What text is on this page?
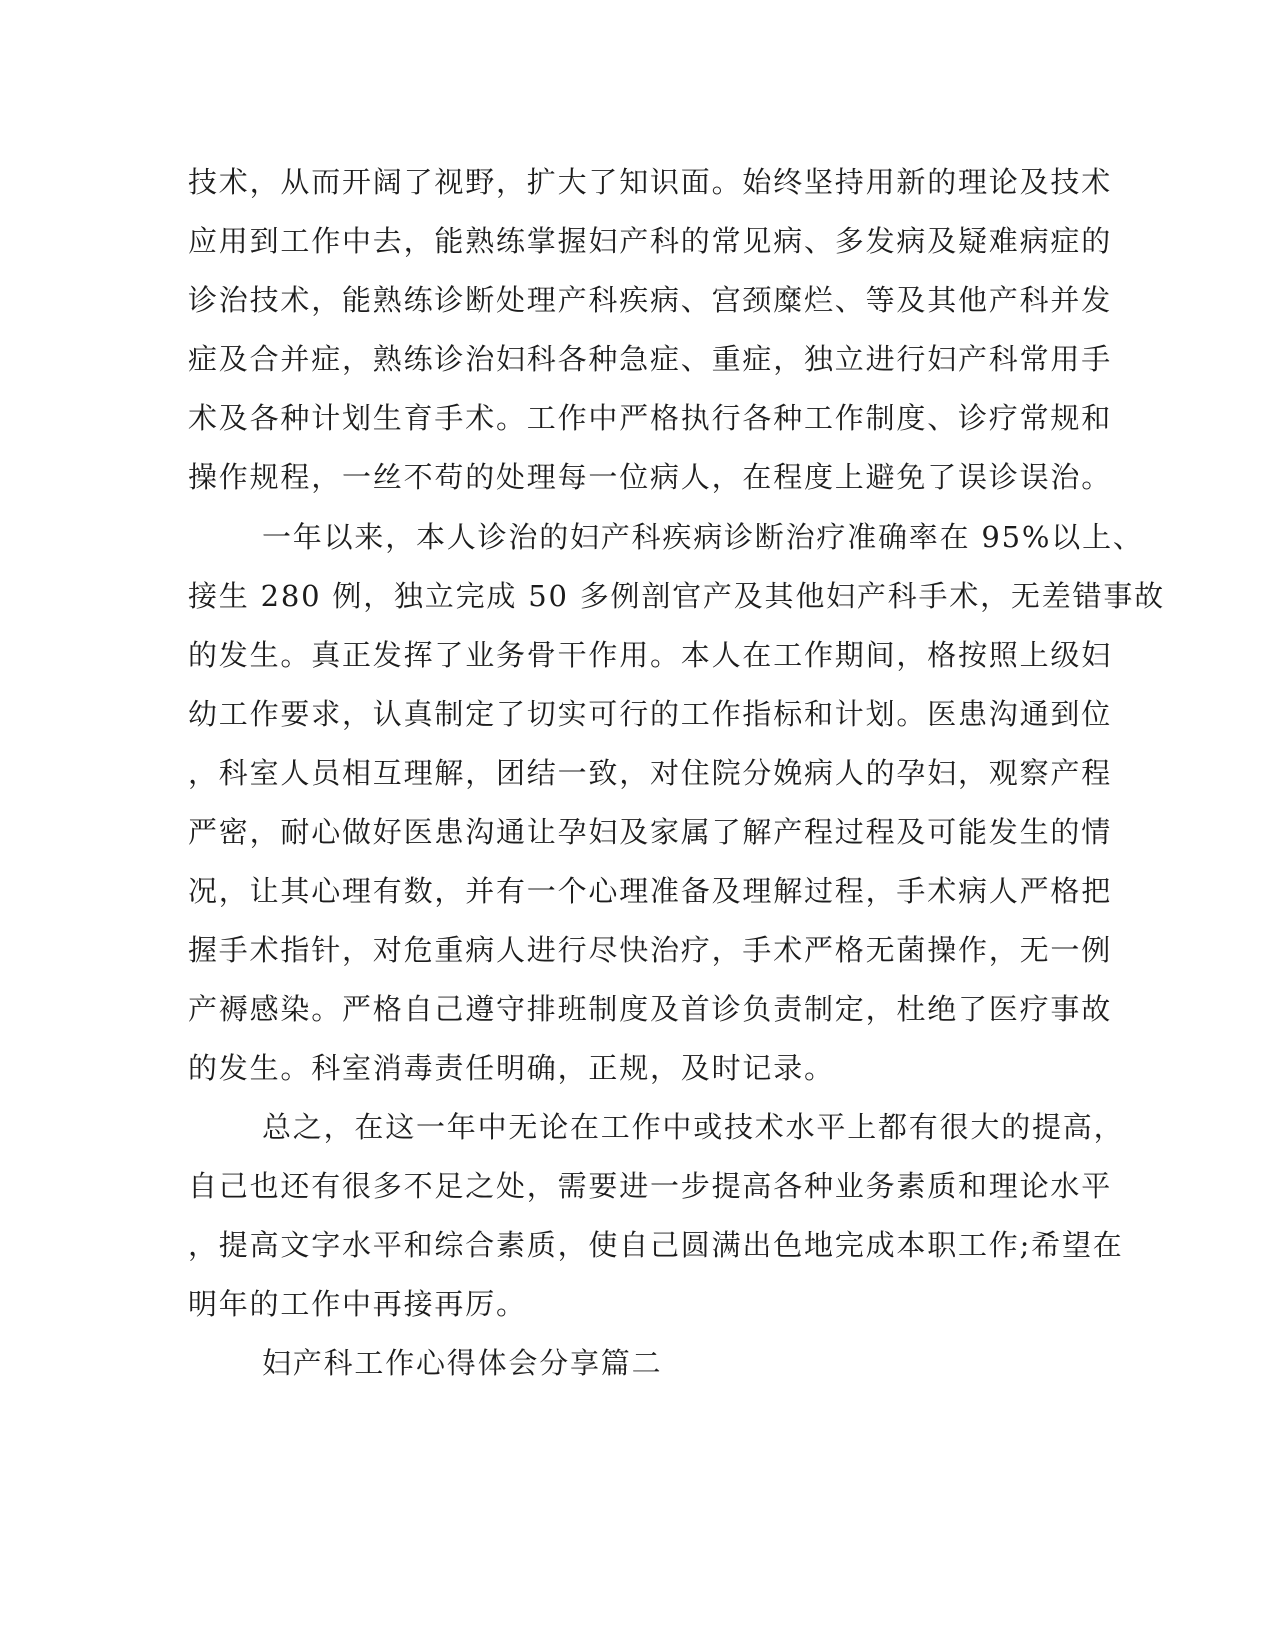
技术，从而开阔了视野，扩大了知识面。始终坚持用新的理论及技术
应用到工作中去，能熟练掌握妇产科的常见病、多发病及疑难病症的
诊治技术，能熟练诊断处理产科疾病、宫颈糜烂、等及其他产科并发
症及合并症，熟练诊治妇科各种急症、重症，独立进行妇产科常用手
术及各种计划生育手术。工作中严格执行各种工作制度、诊疗常规和
操作规程，一丝不苟的处理每一位病人，在程度上避免了误诊误治。
一年以来，本人诊治的妇产科疾病诊断治疗准确率在 95%以上、
接生 280 例，独立完成 50 多例剖官产及其他妇产科手术，无差错事故
的发生。真正发挥了业务骨干作用。本人在工作期间，格按照上级妇
幼工作要求，认真制定了切实可行的工作指标和计划。医患沟通到位
，科室人员相互理解，团结一致，对住院分娩病人的孕妇，观察产程
严密，耐心做好医患沟通让孕妇及家属了解产程过程及可能发生的情
况，让其心理有数，并有一个心理准备及理解过程，手术病人严格把
握手术指针，对危重病人进行尽快治疗，手术严格无菌操作，无一例
产褥感染。严格自己遵守排班制度及首诊负责制定，杜绝了医疗事故
的发生。科室消毒责任明确，正规，及时记录。
总之，在这一年中无论在工作中或技术水平上都有很大的提高，
自己也还有很多不足之处，需要进一步提高各种业务素质和理论水平
，提高文字水平和综合素质，使自己圆满出色地完成本职工作;希望在
明年的工作中再接再厉。
妇产科工作心得体会分享篇二
